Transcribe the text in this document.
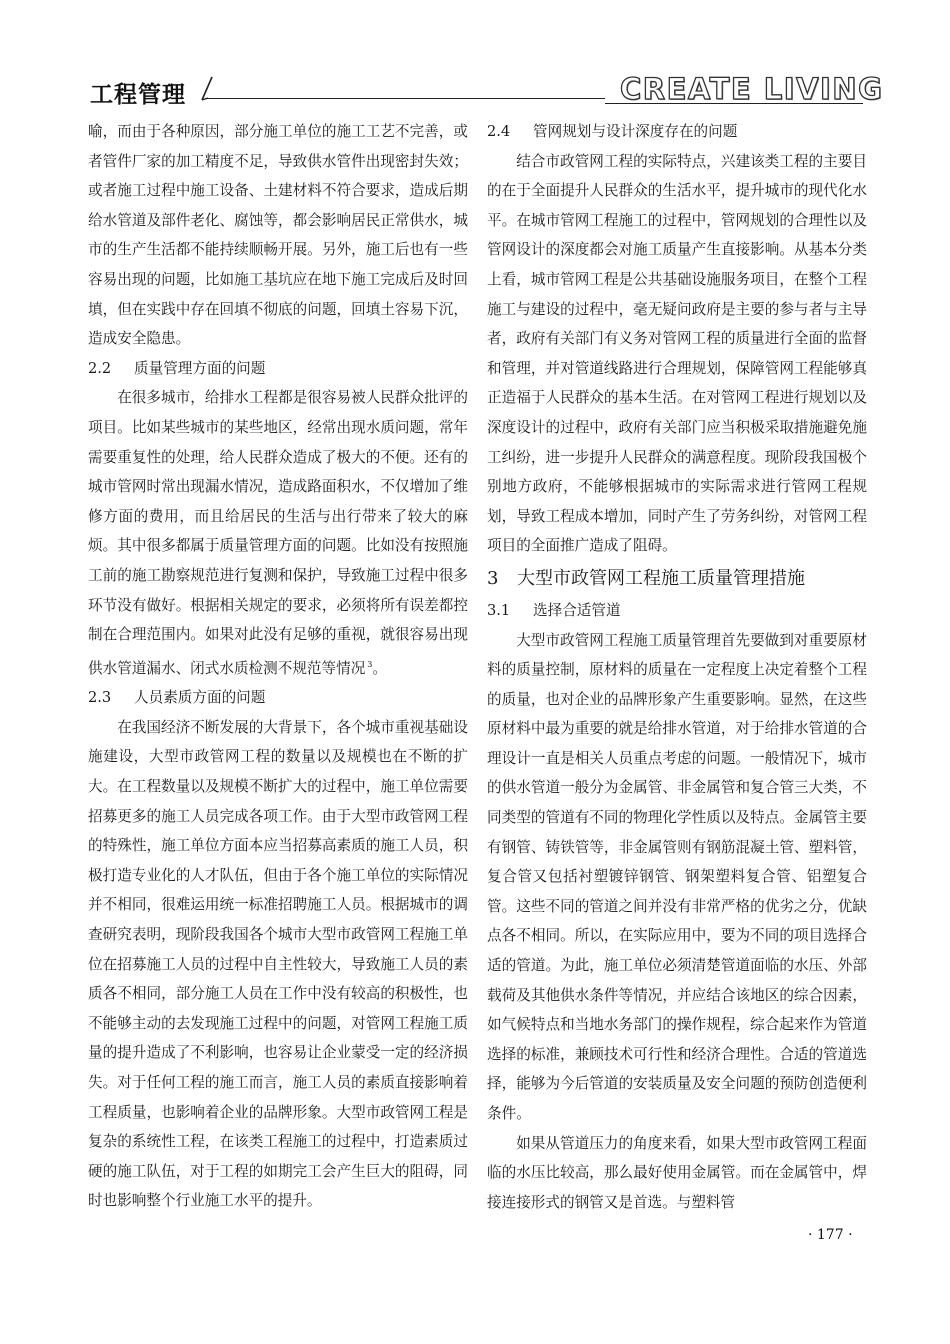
工程管理	CREATE LIVING

喻，而由于各种原因，部分施工单位的施工工艺不完善，或者管件厂家的加工精度不足，导致供水管件出现密封失效；或者施工过程中施工设备、土建材料不符合要求，造成后期给水管道及部件老化、腐蚀等，都会影响居民正常供水，城市的生产生活都不能持续顺畅开展。另外，施工后也有一些容易出现的问题，比如施工基坑应在地下施工完成后及时回填，但在实践中存在回填不彻底的问题，回填土容易下沉，造成安全隐患。

2.2 质量管理方面的问题

在很多城市，给排水工程都是很容易被人民群众批评的项目。比如某些城市的某些地区，经常出现水质问题，常年需要重复性的处理，给人民群众造成了极大的不便。还有的城市管网时常出现漏水情况，造成路面积水，不仅增加了维修方面的费用，而且给居民的生活与出行带来了较大的麻烦。其中很多都属于质量管理方面的问题。比如没有按照施工前的施工勘察规范进行复测和保护，导致施工过程中很多环节没有做好。根据相关规定的要求，必须将所有误差都控制在合理范围内。如果对此没有足够的重视，就很容易出现供水管道漏水、闭式水质检测不规范等情况 $^3$。

2.3 人员素质方面的问题

在我国经济不断发展的大背景下，各个城市重视基础设施建设，大型市政管网工程的数量以及规模也在不断的扩大。在工程数量以及规模不断扩大的过程中，施工单位需要招募更多的施工人员完成各项工作。由于大型市政管网工程的特殊性，施工单位方面本应当招募高素质的施工人员，积极打造专业化的人才队伍，但由于各个施工单位的实际情况并不相同，很难运用统一标准招聘施工人员。根据城市的调查研究表明，现阶段我国各个城市大型市政管网工程施工单位在招募施工人员的过程中自主性较大，导致施工人员的素质各不相同，部分施工人员在工作中没有较高的积极性，也不能够主动的去发现施工过程中的问题，对管网工程施工质量的提升造成了不利影响，也容易让企业蒙受一定的经济损失。对于任何工程的施工而言，施工人员的素质直接影响着工程质量，也影响着企业的品牌形象。大型市政管网工程是复杂的系统性工程，在该类工程施工的过程中，打造素质过硬的施工队伍，对于工程的如期完工会产生巨大的阻碍，同时也影响整个行业施工水平的提升。

2.4 管网规划与设计深度存在的问题

结合市政管网工程的实际特点，兴建该类工程的主要目的在于全面提升人民群众的生活水平，提升城市的现代化水平。在城市管网工程施工的过程中，管网规划的合理性以及管网设计的深度都会对施工质量产生直接影响。从基本分类上看，城市管网工程是公共基础设施服务项目，在整个工程施工与建设的过程中，毫无疑问政府是主要的参与者与主导者，政府有关部门有义务对管网工程的质量进行全面的监督和管理，并对管道线路进行合理规划，保障管网工程能够真正造福于人民群众的基本生活。在对管网工程进行规划以及深度设计的过程中，政府有关部门应当积极采取措施避免施工纠纷，进一步提升人民群众的满意程度。现阶段我国极个别地方政府，不能够根据城市的实际需求进行管网工程规划，导致工程成本增加，同时产生了劳务纠纷，对管网工程项目的全面推广造成了阻碍。

3 大型市政管网工程施工质量管理措施
3.1 选择合适管道

大型市政管网工程施工质量管理首先要做到对重要原材料的质量控制，原材料的质量在一定程度上决定着整个工程的质量，也对企业的品牌形象产生重要影响。显然，在这些原材料中最为重要的就是给排水管道，对于给排水管道的合理设计一直是相关人员重点考虑的问题。一般情况下，城市的供水管道一般分为金属管、非金属管和复合管三大类，不同类型的管道有不同的物理化学性质以及特点。金属管主要有钢管、铸铁管等，非金属管则有钢筋混凝土管、塑料管，复合管又包括衬塑镀锌钢管、钢架塑料复合管、铝塑复合管。这些不同的管道之间并没有非常严格的优劣之分，优缺点各不相同。所以，在实际应用中，要为不同的项目选择合适的管道。为此，施工单位必须清楚管道面临的水压、外部载荷及其他供水条件等情况，并应结合该地区的综合因素，如气候特点和当地水务部门的操作规程，综合起来作为管道选择的标准，兼顾技术可行性和经济合理性。合适的管道选择，能够为今后管道的安装质量及安全问题的预防创造便利条件。

如果从管道压力的角度来看，如果大型市政管网工程面临的水压比较高，那么最好使用金属管。而在金属管中，焊接连接形式的钢管又是首选。与塑料管

· 177 ·
